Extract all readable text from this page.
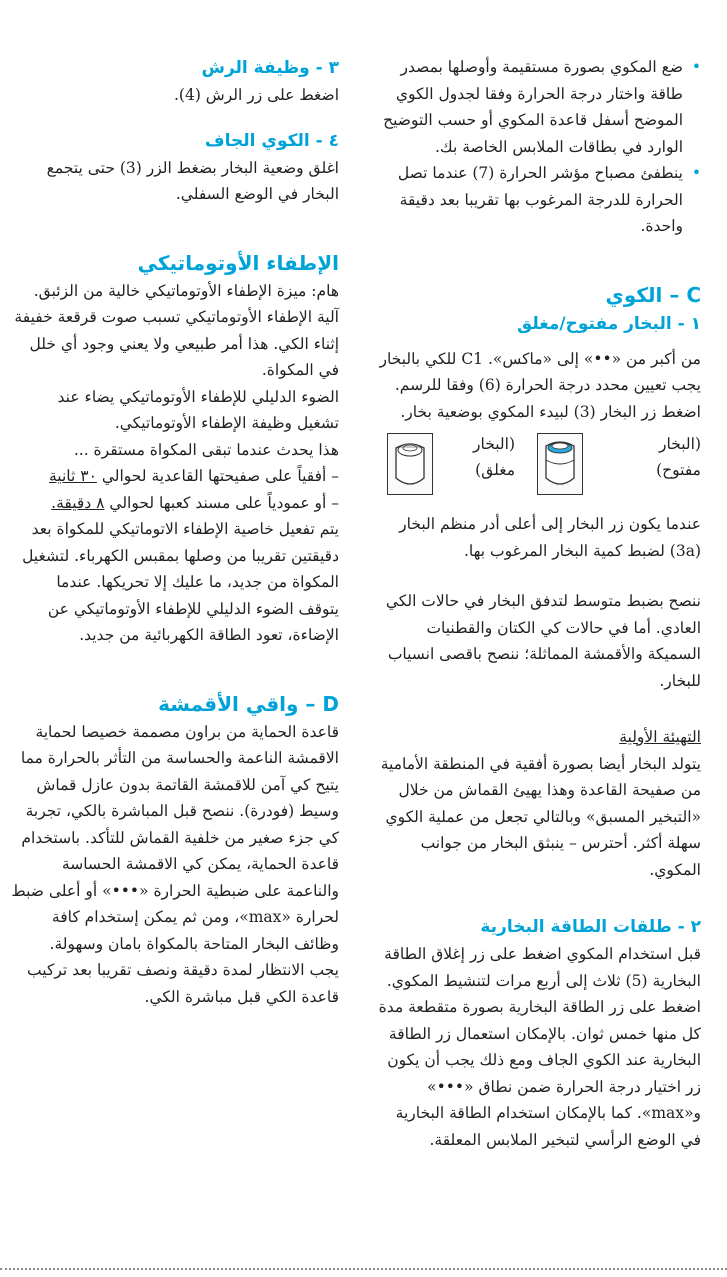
• ضع المكوي بصورة مستقيمة وأوصلها بمصدر طاقة واختار درجة الحرارة وفقا لجدول الكوي الموضح أسفل قاعدة المكوي أو حسب التوضيح الوارد في بطاقات الملابس الخاصة بك.

• ينطفئ مصباح مؤشر الحرارة (7) عندما تصل الحرارة للدرجة المرغوب بها تقريبا بعد دقيقة واحدة.

C – الكوي

١ - البخار مفتوح/مغلق

من أكبر من «••» إلى «ماكس». C1 للكي بالبخار يجب تعيين محدد درجة الحرارة (6) وفقا للرسم.

اضغط زر البخار (3) لبيدء المكوي بوضعية بخار.

(البخار مفتوح)
(البخار مغلق)

عندما يكون زر البخار إلى أعلى أدر منظم البخار (3a) لضبط كمية البخار المرغوب بها.

ننصح بضبط متوسط لتدفق البخار في حالات الكي العادي. أما في حالات كي الكتان والقطنيات السميكة والأقمشة المماثلة؛ ننصح باقصى انسياب للبخار.

التهيئة الأولية

يتولد البخار أيضا بصورة أفقية في المنطقة الأمامية من صفيحة القاعدة وهذا يهيئ القماش من خلال «التبخير المسبق» وبالتالي تجعل من عملية الكوي سهلة أكثر. أحترس – ينبثق البخار من جوانب المكوي.

٢ - طلقات الطاقة البخارية

قبل استخدام المكوي اضغط على زر إغلاق الطاقة البخارية (5) ثلاث إلى أربع مرات لتنشيط المكوي. اضغط على زر الطاقة البخارية بصورة متقطعة مدة كل منها خمس ثوان. بالإمكان استعمال زر الطاقة البخارية عند الكوي الجاف ومع ذلك يجب أن يكون زر اختيار درجة الحرارة ضمن نطاق «•••» و«max». كما بالإمكان استخدام الطاقة البخارية في الوضع الرأسي لتبخير الملابس المعلقة.

٣ - وظيفة الرش

اضغط على زر الرش (4).

٤ - الكوي الجاف

اغلق وضعية البخار بضغط الزر (3) حتى يتجمع البخار في الوضع السفلي.

الإطفاء الأوتوماتيكي

هام: ميزة الإطفاء الأوتوماتيكي خالية من الزئبق. آلية الإطفاء الأوتوماتيكي تسبب صوت قرقعة خفيفة إثناء الكي. هذا أمر طبيعي ولا يعني وجود أي خلل في المكواة.

الضوء الدليلي للإطفاء الأوتوماتيكي يضاء عند تشغيل وظيفة الإطفاء الأوتوماتيكي.

هذا يحدث عندما تبقى المكواة مستقرة ...

– أفقياً على صفيحتها القاعدية لحوالي ٣٠ ثانية

– أو عمودياً على مسند كعبها لحوالي ٨ دقيقة.

يتم تفعيل خاصية الإطفاء الاتوماتيكي للمكواة بعد دقيقتين تقريبا من وصلها بمقبس الكهرباء. لتشغيل المكواة من جديد، ما عليك إلا تحريكها. عندما يتوقف الضوء الدليلي للإطفاء الأوتوماتيكي عن الإضاءة، تعود الطاقة الكهربائية من جديد.

D – واقي الأقمشة

قاعدة الحماية من براون مصممة خصيصا لحماية الاقمشة الناعمة والحساسة من التأثر بالحرارة مما يتيح كي آمن للاقمشة القاتمة بدون عازل قماش وسيط (فودرة). ننصح قبل المباشرة بالكي، تجربة كي جزء صغير من خلفية القماش للتأكد. باستخدام قاعدة الحماية، يمكن كي الاقمشة الحساسة والناعمة على ضبطية الحرارة «•••» أو أعلى ضبط لحرارة «max»، ومن ثم يمكن إستخدام كافة وظائف البخار المتاحة بالمكواة بامان وسهولة.

يجب الانتظار لمدة دقيقة ونصف تقريبا بعد تركيب قاعدة الكي قبل مباشرة الكي.
